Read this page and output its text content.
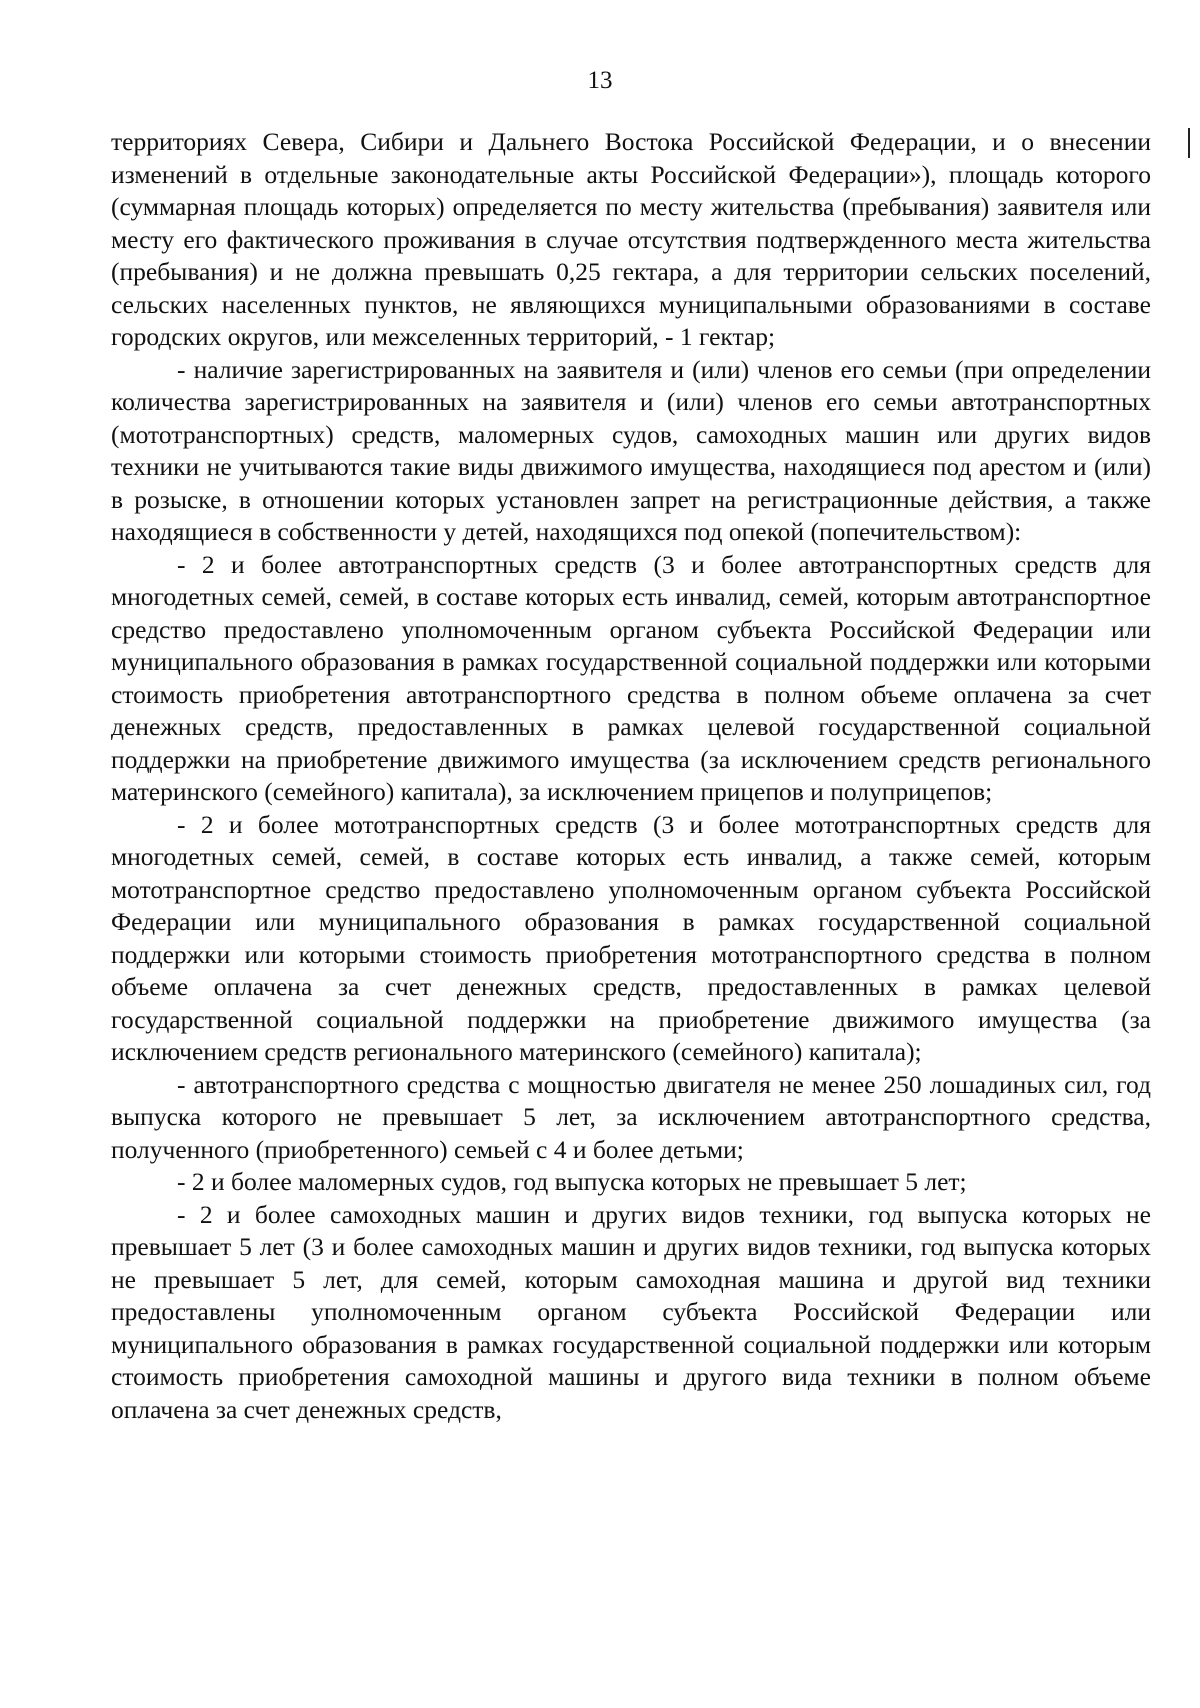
13

территориях Севера, Сибири и Дальнего Востока Российской Федерации, и о внесении изменений в отдельные законодательные акты Российской Федерации»), площадь которого (суммарная площадь которых) определяется по месту жительства (пребывания) заявителя или месту его фактического проживания в случае отсутствия подтвержденного места жительства (пребывания) и не должна превышать 0,25 гектара, а для территории сельских поселений, сельских населенных пунктов, не являющихся муниципальными образованиями в составе городских округов, или межселенных территорий, - 1 гектар;

- наличие зарегистрированных на заявителя и (или) членов его семьи (при определении количества зарегистрированных на заявителя и (или) членов его семьи автотранспортных (мототранспортных) средств, маломерных судов, самоходных машин или других видов техники не учитываются такие виды движимого имущества, находящиеся под арестом и (или) в розыске, в отношении которых установлен запрет на регистрационные действия, а также находящиеся в собственности у детей, находящихся под опекой (попечительством):

- 2 и более автотранспортных средств (3 и более автотранспортных средств для многодетных семей, семей, в составе которых есть инвалид, семей, которым автотранспортное средство предоставлено уполномоченным органом субъекта Российской Федерации или муниципального образования в рамках государственной социальной поддержки или которыми стоимость приобретения автотранспортного средства в полном объеме оплачена за счет денежных средств, предоставленных в рамках целевой государственной социальной поддержки на приобретение движимого имущества (за исключением средств регионального материнского (семейного) капитала), за исключением прицепов и полуприцепов;

- 2 и более мототранспортных средств (3 и более мототранспортных средств для многодетных семей, семей, в составе которых есть инвалид, а также семей, которым мототранспортное средство предоставлено уполномоченным органом субъекта Российской Федерации или муниципального образования в рамках государственной социальной поддержки или которыми стоимость приобретения мототранспортного средства в полном объеме оплачена за счет денежных средств, предоставленных в рамках целевой государственной социальной поддержки на приобретение движимого имущества (за исключением средств регионального материнского (семейного) капитала);

- автотранспортного средства с мощностью двигателя не менее 250 лошадиных сил, год выпуска которого не превышает 5 лет, за исключением автотранспортного средства, полученного (приобретенного) семьей с 4 и более детьми;

- 2 и более маломерных судов, год выпуска которых не превышает 5 лет;

- 2 и более самоходных машин и других видов техники, год выпуска которых не превышает 5 лет (3 и более самоходных машин и других видов техники, год выпуска которых не превышает 5 лет, для семей, которым самоходная машина и другой вид техники предоставлены уполномоченным органом субъекта Российской Федерации или муниципального образования в рамках государственной социальной поддержки или которым стоимость приобретения самоходной машины и другого вида техники в полном объеме оплачена за счет денежных средств,
